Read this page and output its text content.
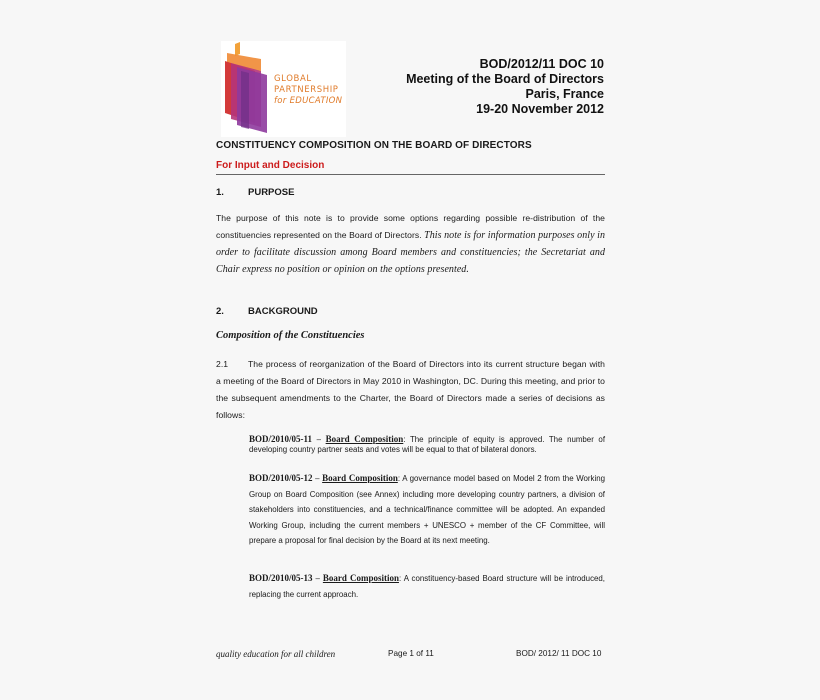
GLOBAL
PARTNERSHIP
for EDUCATION
BOD/2012/11 DOC 10
Meeting of the Board of Directors
Paris, France
19-20 November 2012
CONSTITUENCY COMPOSITION ON THE BOARD OF DIRECTORS
For Input and Decision
1.	PURPOSE
The purpose of this note is to provide some options regarding possible re-distribution of the constituencies represented on the Board of Directors. This note is for information purposes only in order to facilitate discussion among Board members and constituencies; the Secretariat and Chair express no position or opinion on the options presented.
2.	BACKGROUND
Composition of the Constituencies
2.1 The process of reorganization of the Board of Directors into its current structure began with a meeting of the Board of Directors in May 2010 in Washington, DC. During this meeting, and prior to the subsequent amendments to the Charter, the Board of Directors made a series of decisions as follows:
BOD/2010/05-11 – Board Composition: The principle of equity is approved. The number of developing country partner seats and votes will be equal to that of bilateral donors.
BOD/2010/05-12 – Board Composition: A governance model based on Model 2 from the Working Group on Board Composition (see Annex) including more developing country partners, a division of stakeholders into constituencies, and a technical/finance committee will be adopted. An expanded Working Group, including the current members + UNESCO + member of the CF Committee, will prepare a proposal for final decision by the Board at its next meeting.
BOD/2010/05-13 – Board Composition: A constituency-based Board structure will be introduced, replacing the current approach.
quality education for all children	Page 1 of 11	BOD/ 2012/ 11 DOC 10
